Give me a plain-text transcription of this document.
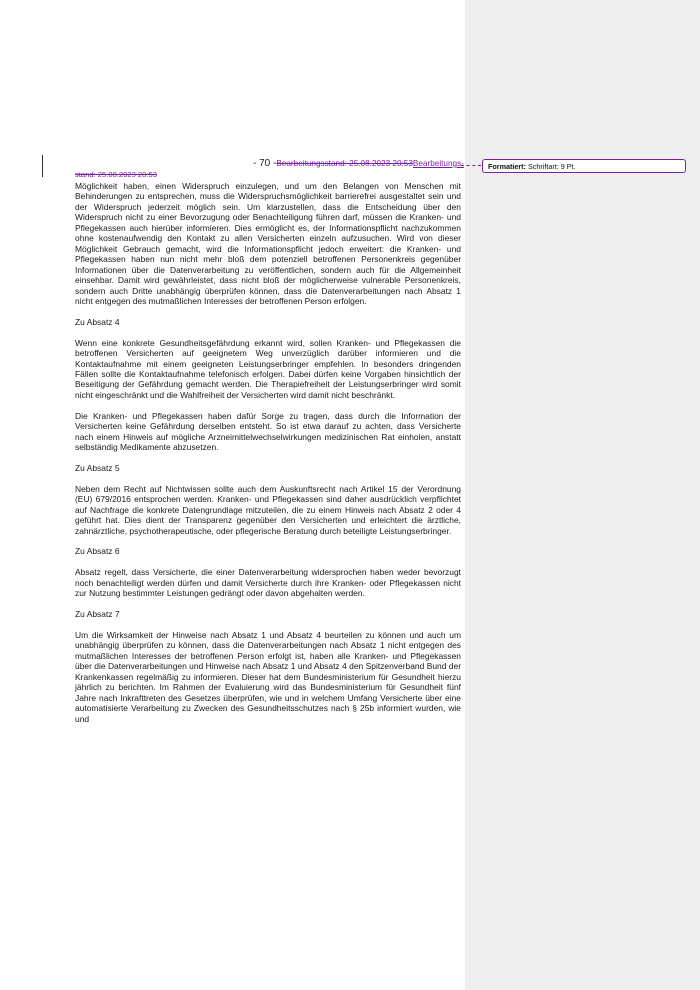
- 70 -Bearbeitungsstand: 25.08.2023 20:53Bearbeitungs-
stand: 25.08.2023 20:53
Formatiert: Schriftart: 9 Pt.

Möglichkeit haben, einen Widerspruch einzulegen, und um den Belangen von Menschen mit Behinderungen zu entsprechen, muss die Widerspruchsmöglichkeit barrierefrei ausgestaltet sein und der Widerspruch jederzeit möglich sein. Um klarzustellen, dass die Entscheidung über den Widerspruch nicht zu einer Bevorzugung oder Benachteiligung führen darf, müssen die Kranken- und Pflegekassen auch hierüber informieren. Dies ermöglicht es, der Informationspflicht nachzukommen ohne kostenaufwendig den Kontakt zu allen Versicherten einzeln aufzusuchen. Wird von dieser Möglichkeit Gebrauch gemacht, wird die Informationspflicht jedoch erweitert: die Kranken- und Pflegekassen haben nun nicht mehr bloß dem potenziell betroffenen Personenkreis gegenüber Informationen über die Datenverarbeitung zu veröffentlichen, sondern auch für die Allgemeinheit einsehbar. Damit wird gewährleistet, dass nicht bloß der möglicherweise vulnerable Personenkreis, sondern auch Dritte unabhängig überprüfen können, dass die Datenverarbeitungen nach Absatz 1 nicht entgegen des mutmaßlichen Interesses der betroffenen Person erfolgen.

Zu Absatz 4

Wenn eine konkrete Gesundheitsgefährdung erkannt wird, sollen Kranken- und Pflegekassen die betroffenen Versicherten auf geeignetem Weg unverzüglich darüber informieren und die Kontaktaufnahme mit einem geeigneten Leistungserbringer empfehlen. In besonders dringenden Fällen sollte die Kontaktaufnahme telefonisch erfolgen. Dabei dürfen keine Vorgaben hinsichtlich der Beseitigung der Gefährdung gemacht werden. Die Therapiefreiheit der Leistungserbringer wird somit nicht eingeschränkt und die Wahlfreiheit der Versicherten wird damit nicht beschränkt.

Die Kranken- und Pflegekassen haben dafür Sorge zu tragen, dass durch die Information der Versicherten keine Gefährdung derselben entsteht. So ist etwa darauf zu achten, dass Versicherte nach einem Hinweis auf mögliche Arzneimittelwechselwirkungen medizinischen Rat einholen, anstatt selbständig Medikamente abzusetzen.

Zu Absatz 5

Neben dem Recht auf Nichtwissen sollte auch dem Auskunftsrecht nach Artikel 15 der Verordnung (EU) 679/2016 entsprochen werden. Kranken- und Pflegekassen sind daher ausdrücklich verpflichtet auf Nachfrage die konkrete Datengrundlage mitzuteilen, die zu einem Hinweis nach Absatz 2 oder 4 geführt hat. Dies dient der Transparenz gegenüber den Versicherten und erleichtert die ärztliche, zahnärztliche, psychotherapeutische, oder pflegerische Beratung durch beteiligte Leistungserbringer.

Zu Absatz 6

Absatz regelt, dass Versicherte, die einer Datenverarbeitung widersprochen haben weder bevorzugt noch benachteiligt werden dürfen und damit Versicherte durch ihre Kranken- oder Pflegekassen nicht zur Nutzung bestimmter Leistungen gedrängt oder davon abgehalten werden.

Zu Absatz 7

Um die Wirksamkeit der Hinweise nach Absatz 1 und Absatz 4 beurteilen zu können und auch um unabhängig überprüfen zu können, dass die Datenverarbeitungen nach Absatz 1 nicht entgegen des mutmaßlichen Interesses der betroffenen Person erfolgt ist, haben alle Kranken- und Pflegekassen über die Datenverarbeitungen und Hinweise nach Absatz 1 und Absatz 4 den Spitzenverband Bund der Krankenkassen regelmäßig zu informieren. Dieser hat dem Bundesministerium für Gesundheit hierzu jährlich zu berichten. Im Rahmen der Evaluierung wird das Bundesministerium für Gesundheit fünf Jahre nach Inkrafttreten des Gesetzes überprüfen, wie und in welchem Umfang Versicherte über eine automatisierte Verarbeitung zu Zwecken des Gesundheitsschutzes nach § 25b informiert wurden, wie und
